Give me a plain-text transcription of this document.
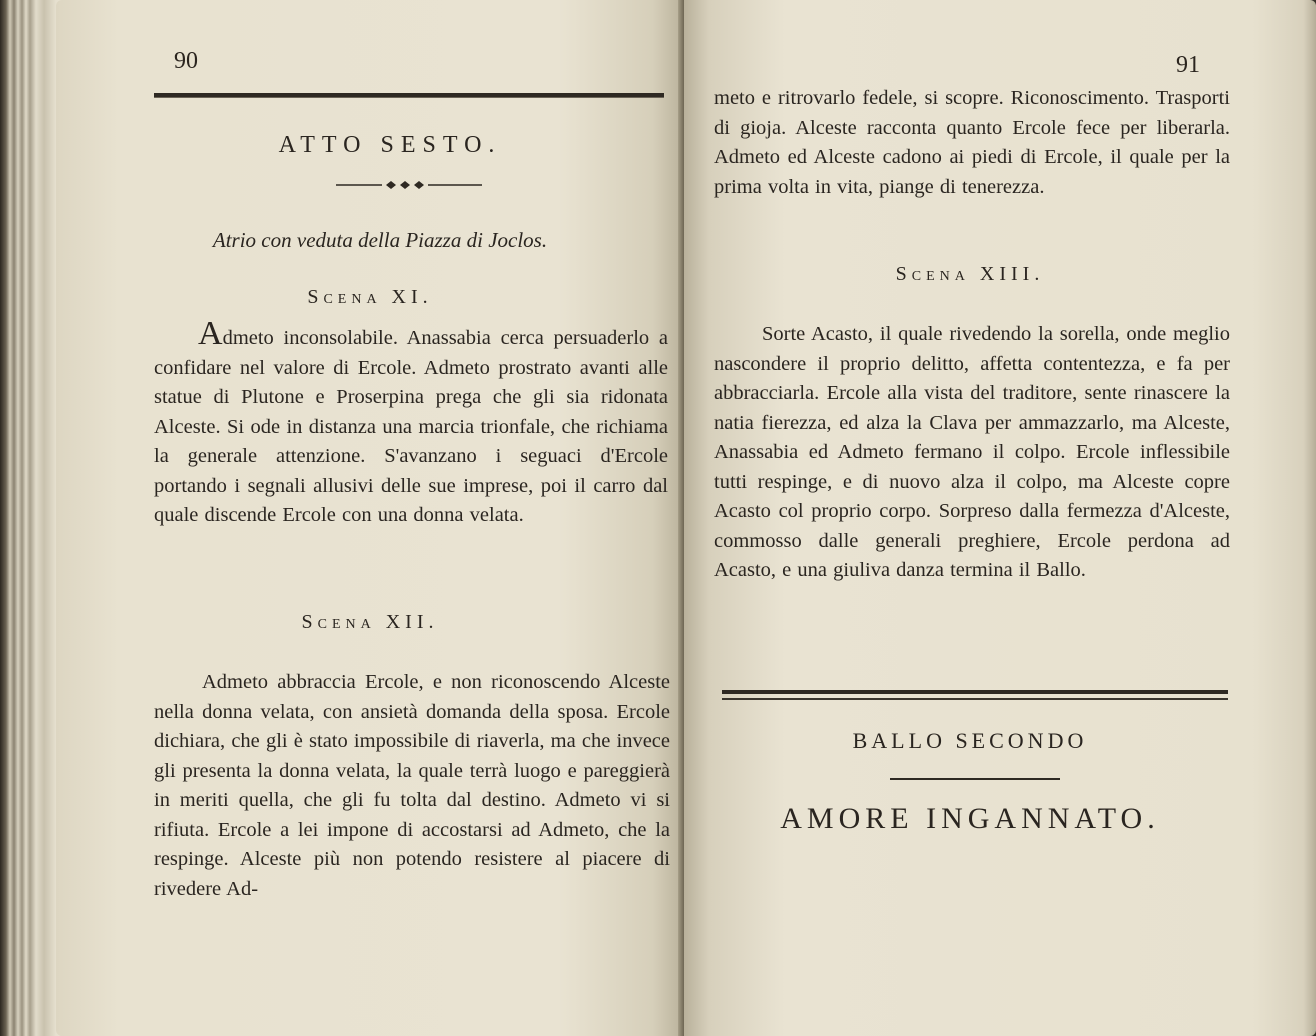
90
ATTO SESTO.
Atrio con veduta della Piazza di Joclos.
Scena XI.

Admeto inconsolabile. Anassabia cerca persuaderlo a confidare nel valore di Ercole. Admeto prostrato avanti alle statue di Plutone e Proserpina prega che gli sia ridonata Alceste. Si ode in distanza una marcia trionfale, che richiama la generale attenzione. S'avanzano i seguaci d'Ercole portando i segnali allusivi delle sue imprese, poi il carro dal quale discende Ercole con una donna velata.

Scena XII.

Admeto abbraccia Ercole, e non riconoscendo Alceste nella donna velata, con ansietà domanda della sposa. Ercole dichiara, che gli è stato impossibile di riaverla, ma che invece gli presenta la donna velata, la quale terrà luogo e pareggierà in meriti quella, che gli fu tolta dal destino. Admeto vi si rifiuta. Ercole a lei impone di accostarsi ad Admeto, che la respinge. Alceste più non potendo resistere al piacere di rivedere Ad-

91

meto e ritrovarlo fedele, si scopre. Riconoscimento. Trasporti di gioja. Alceste racconta quanto Ercole fece per liberarla. Admeto ed Alceste cadono ai piedi di Ercole, il quale per la prima volta in vita, piange di tenerezza.

Scena XIII.

Sorte Acasto, il quale rivedendo la sorella, onde meglio nascondere il proprio delitto, affetta contentezza, e fa per abbracciarla. Ercole alla vista del traditore, sente rinascere la natia fierezza, ed alza la Clava per ammazzarlo, ma Alceste, Anassabia ed Admeto fermano il colpo. Ercole inflessibile tutti respinge, e di nuovo alza il colpo, ma Alceste copre Acasto col proprio corpo. Sorpreso dalla fermezza d'Alceste, commosso dalle generali preghiere, Ercole perdona ad Acasto, e una giuliva danza termina il Ballo.

BALLO SECONDO
AMORE INGANNATO.
